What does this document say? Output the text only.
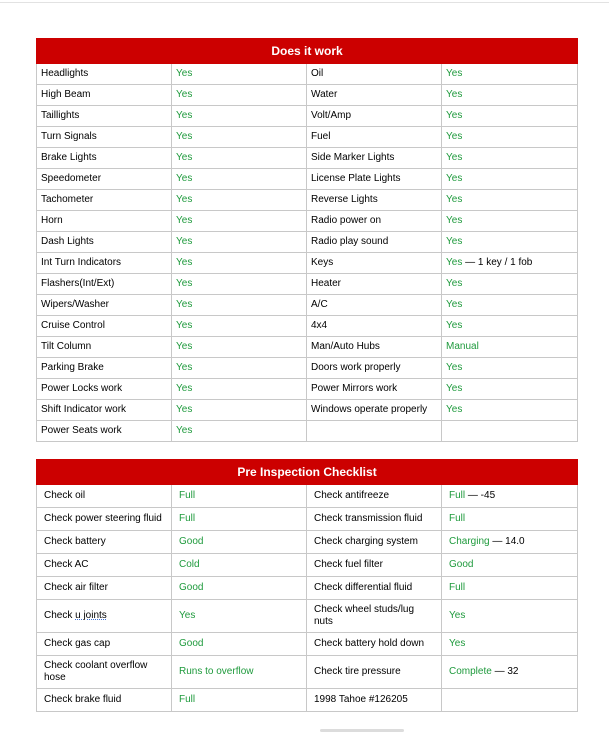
Does it work			
Headlights	Yes	Oil	Yes
High Beam	Yes	Water	Yes
Taillights	Yes	Volt/Amp	Yes
Turn Signals	Yes	Fuel	Yes
Brake Lights	Yes	Side Marker Lights	Yes
Speedometer	Yes	License Plate Lights	Yes
Tachometer	Yes	Reverse Lights	Yes
Horn	Yes	Radio power on	Yes
Dash Lights	Yes	Radio play sound	Yes
Int Turn Indicators	Yes	Keys	Yes — 1 key / 1 fob
Flashers(Int/Ext)	Yes	Heater	Yes
Wipers/Washer	Yes	A/C	Yes
Cruise Control	Yes	4x4	Yes
Tilt Column	Yes	Man/Auto Hubs	Manual
Parking Brake	Yes	Doors work properly	Yes
Power Locks work	Yes	Power Mirrors work	Yes
Shift Indicator work	Yes	Windows operate properly	Yes
Power Seats work	Yes		
Pre Inspection Checklist			
Check oil	Full	Check antifreeze	Full — -45
Check power steering fluid	Full	Check transmission fluid	Full
Check battery	Good	Check charging system	Charging — 14.0
Check AC	Cold	Check fuel filter	Good
Check air filter	Good	Check differential fluid	Full
Check u joints	Yes	Check wheel studs/lug nuts	Yes
Check gas cap	Good	Check battery hold down	Yes
Check coolant overflow hose	Runs to overflow	Check tire pressure	Complete — 32
Check brake fluid	Full	1998 Tahoe #126205	
